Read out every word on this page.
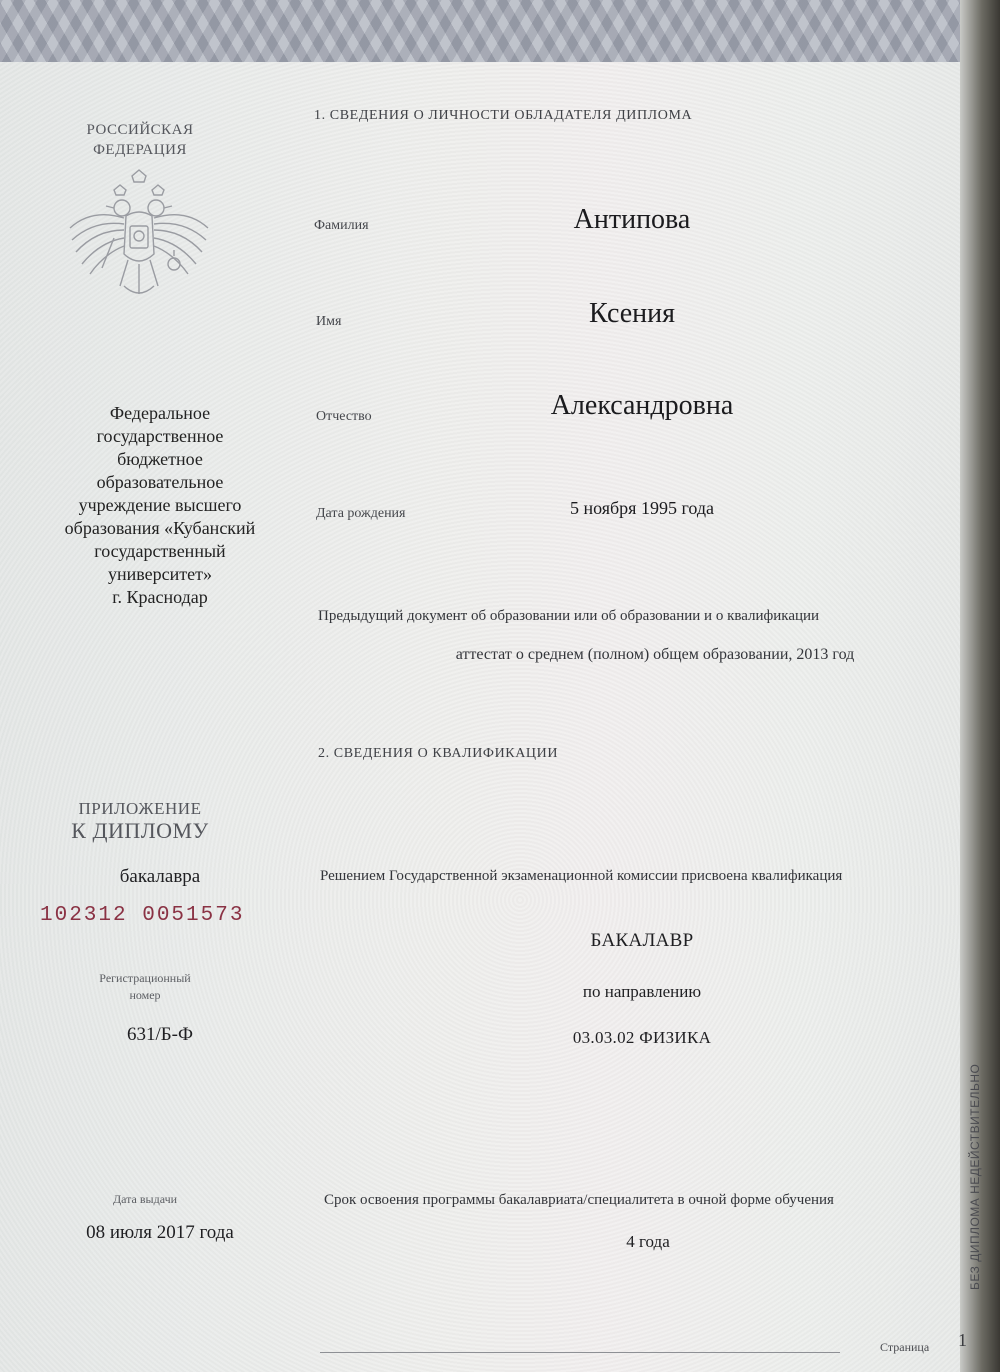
РОССИЙСКАЯ
ФЕДЕРАЦИЯ
Федеральное
государственное
бюджетное
образовательное
учреждение высшего
образования «Кубанский
государственный
университет»
г. Краснодар
ПРИЛОЖЕНИЕ
К ДИПЛОМУ
бакалавра
102312 0051573
Регистрационный
номер
631/Б-Ф
Дата выдачи
08 июля 2017 года
1. СВЕДЕНИЯ О ЛИЧНОСТИ ОБЛАДАТЕЛЯ ДИПЛОМА
Фамилия	Антипова
Имя	Ксения
Отчество	Александровна
Дата рождения	5 ноября 1995 года
Предыдущий документ об образовании или об образовании и о квалификации
аттестат о среднем (полном) общем образовании, 2013 год
2. СВЕДЕНИЯ О КВАЛИФИКАЦИИ
Решением Государственной экзаменационной комиссии присвоена квалификация
БАКАЛАВР
по направлению
03.03.02 ФИЗИКА
Срок освоения программы бакалавриата/специалитета в очной форме обучения
4 года	БЕЗ ДИПЛОМА НЕДЕЙСТВИТЕЛЬНО
Страница 1
